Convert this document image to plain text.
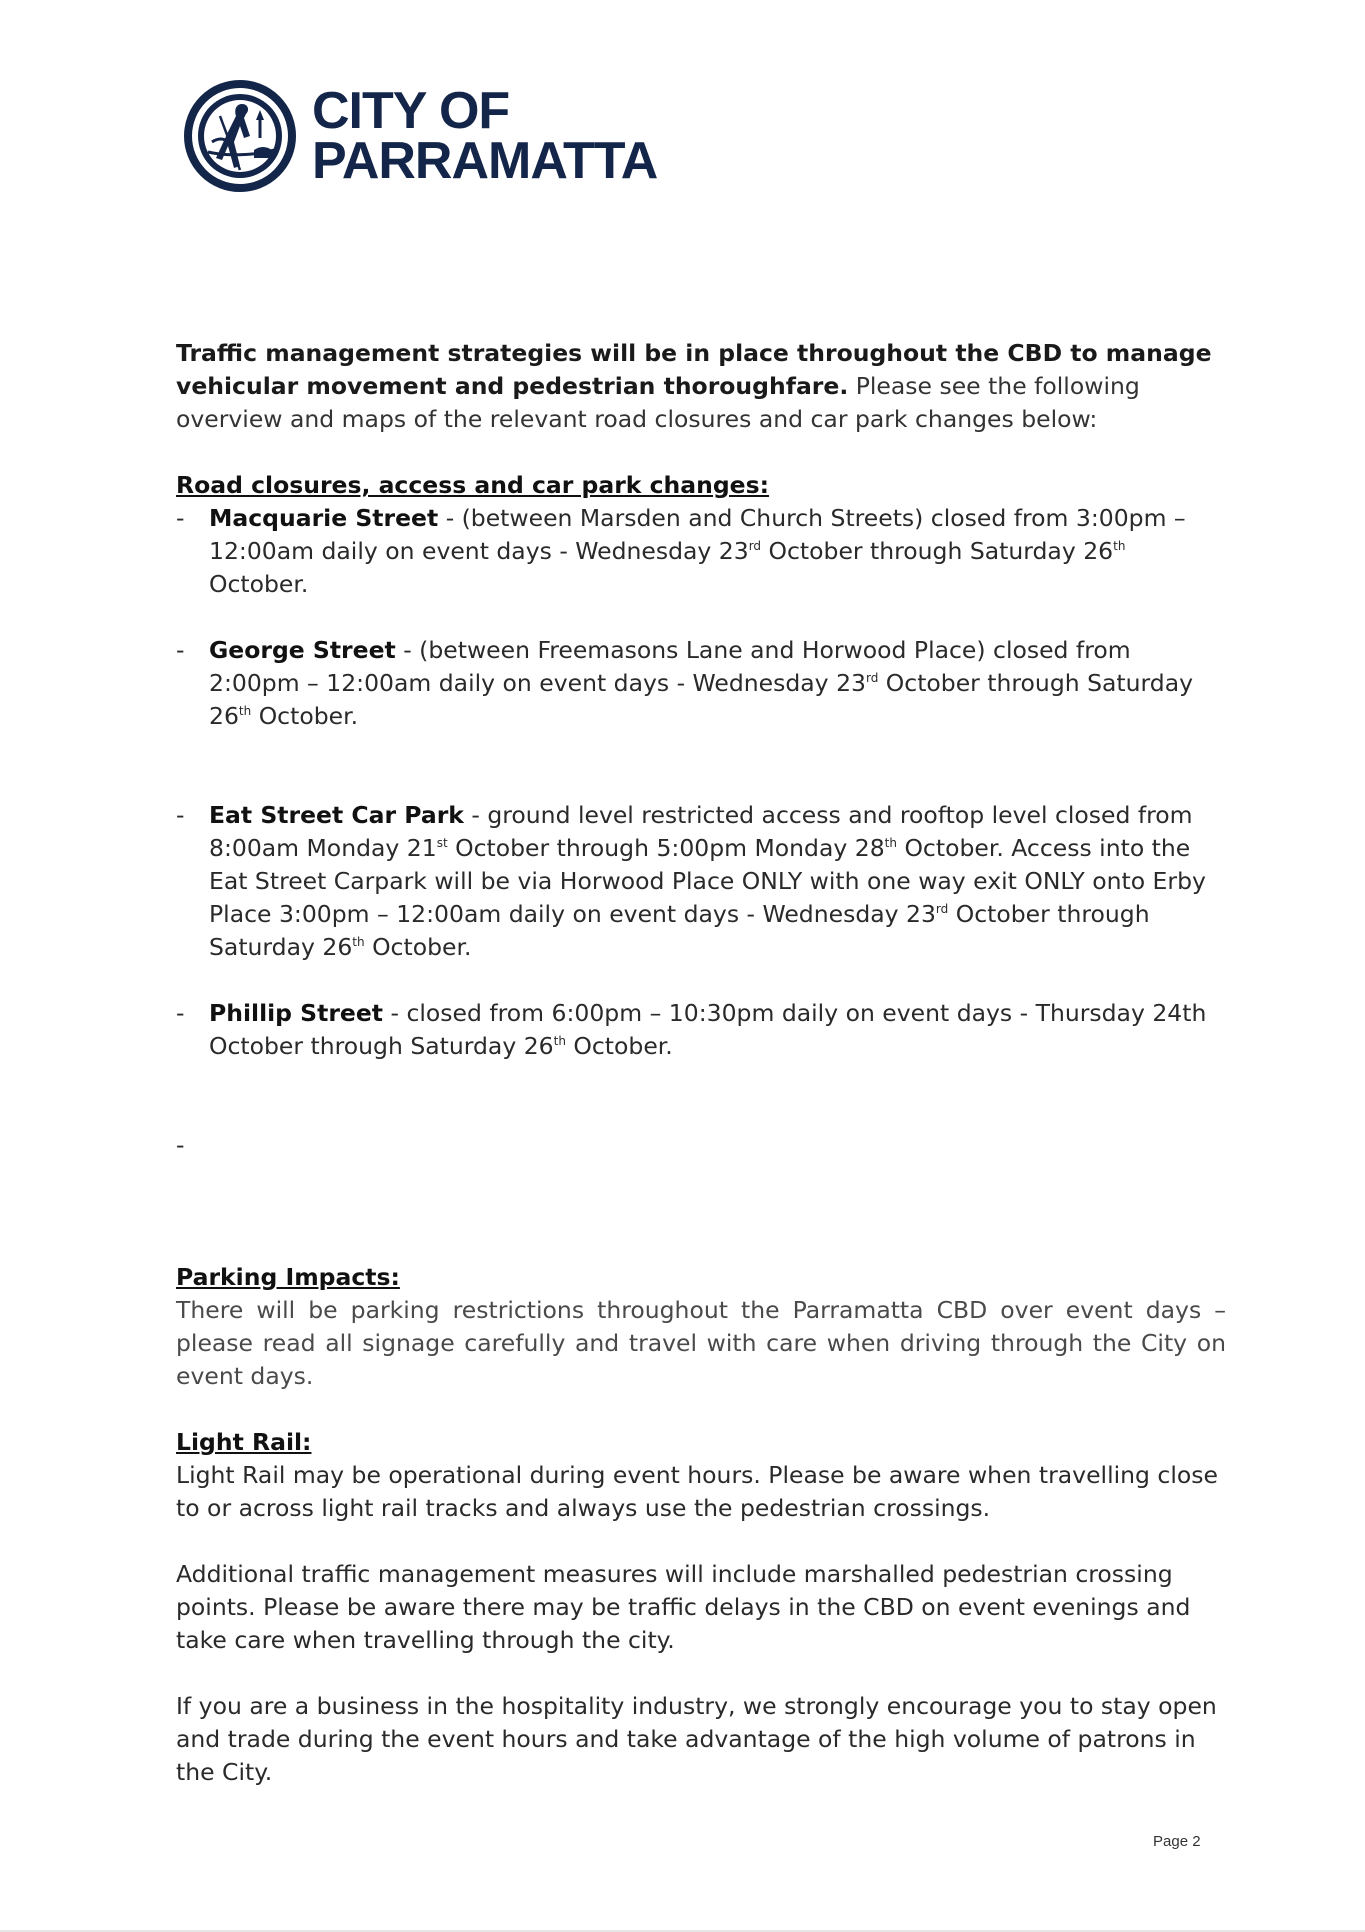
CITY OF
PARRAMATTA

Traffic management strategies will be in place throughout the CBD to manage vehicular movement and pedestrian thoroughfare. Please see the following overview and maps of the relevant road closures and car park changes below:

Road closures, access and car park changes:

- Macquarie Street - (between Marsden and Church Streets) closed from 3:00pm – 12:00am daily on event days - Wednesday 23rd October through Saturday 26th October.
- George Street - (between Freemasons Lane and Horwood Place) closed from 2:00pm – 12:00am daily on event days - Wednesday 23rd October through Saturday 26th October.
- Eat Street Car Park - ground level restricted access and rooftop level closed from 8:00am Monday 21st October through 5:00pm Monday 28th October. Access into the Eat Street Carpark will be via Horwood Place ONLY with one way exit ONLY onto Erby Place 3:00pm – 12:00am daily on event days - Wednesday 23rd October through Saturday 26th October.
- Phillip Street - closed from 6:00pm – 10:30pm daily on event days - Thursday 24th October through Saturday 26th October.
-

Parking Impacts:

There will be parking restrictions throughout the Parramatta CBD over event days – please read all signage carefully and travel with care when driving through the City on event days.

Light Rail:

Light Rail may be operational during event hours. Please be aware when travelling close to or across light rail tracks and always use the pedestrian crossings.

Additional traffic management measures will include marshalled pedestrian crossing points. Please be aware there may be traffic delays in the CBD on event evenings and take care when travelling through the city.

If you are a business in the hospitality industry, we strongly encourage you to stay open and trade during the event hours and take advantage of the high volume of patrons in the City.

Page 2
